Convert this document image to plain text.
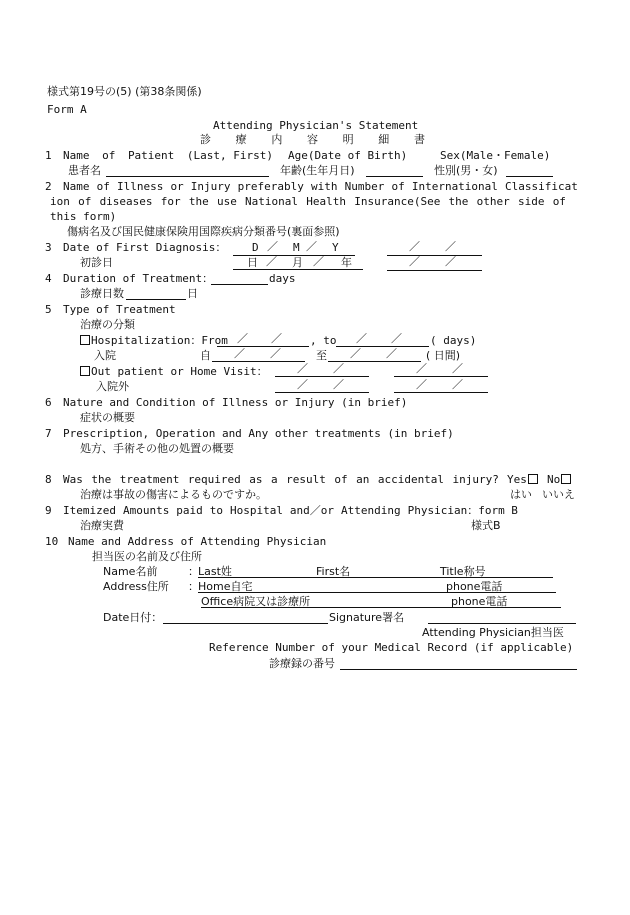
様式第19号の(5) (第38条関係)
Form A
Attending Physician's Statement
診 療 内 容 明 細 書
1 Name of Patient (Last, First) Age(Date of Birth)	Sex(Male・Female)
患者名	年齢(生年月日)	性別(男・女)
2 Name of Illness or Injury preferably with Number of International Classificat
ion of diseases for the use National Health Insurance(See the other side of
this form)
傷病名及び国民健康保険用国際疾病分類番号(裏面参照)
3 Date of First Diagnosis： D	M	Y
／	／	／ ／
初診日	日	月	年
／	／	／ ／
4 Duration of Treatment：	days
診療日数	日
5 Type of Treatment
治療の分類
Hospitalization：From ／ ／	, to ／ ／	( days)
入院	自 ／ ／	至 ／ ／	( 日間)
Out patient or Home Visit：	／ ／	／ ／
入院外	／ ／	／ ／
6 Nature and Condition of Illness or Injury (in brief)
症状の概要
7 Prescription, Operation and Any other treatments (in brief)
処方、手術その他の処置の概要
8 Was the treatment required as a result of an accidental injury? Yes	No
治療は事故の傷害によるものですか。	はい いいえ
9 Itemized Amounts paid to Hospital and／or Attending Physician：form B
治療実費	様式B
10 Name and Address of Attending Physician
担当医の名前及び住所
Name名前	： Last姓	First名	Title称号
Address住所 ： Home自宅	phone電話
Office病院又は診療所	phone電話
Date日付：	Signature署名
Attending Physician担当医
Reference Number of your Medical Record (if applicable)
診療録の番号
